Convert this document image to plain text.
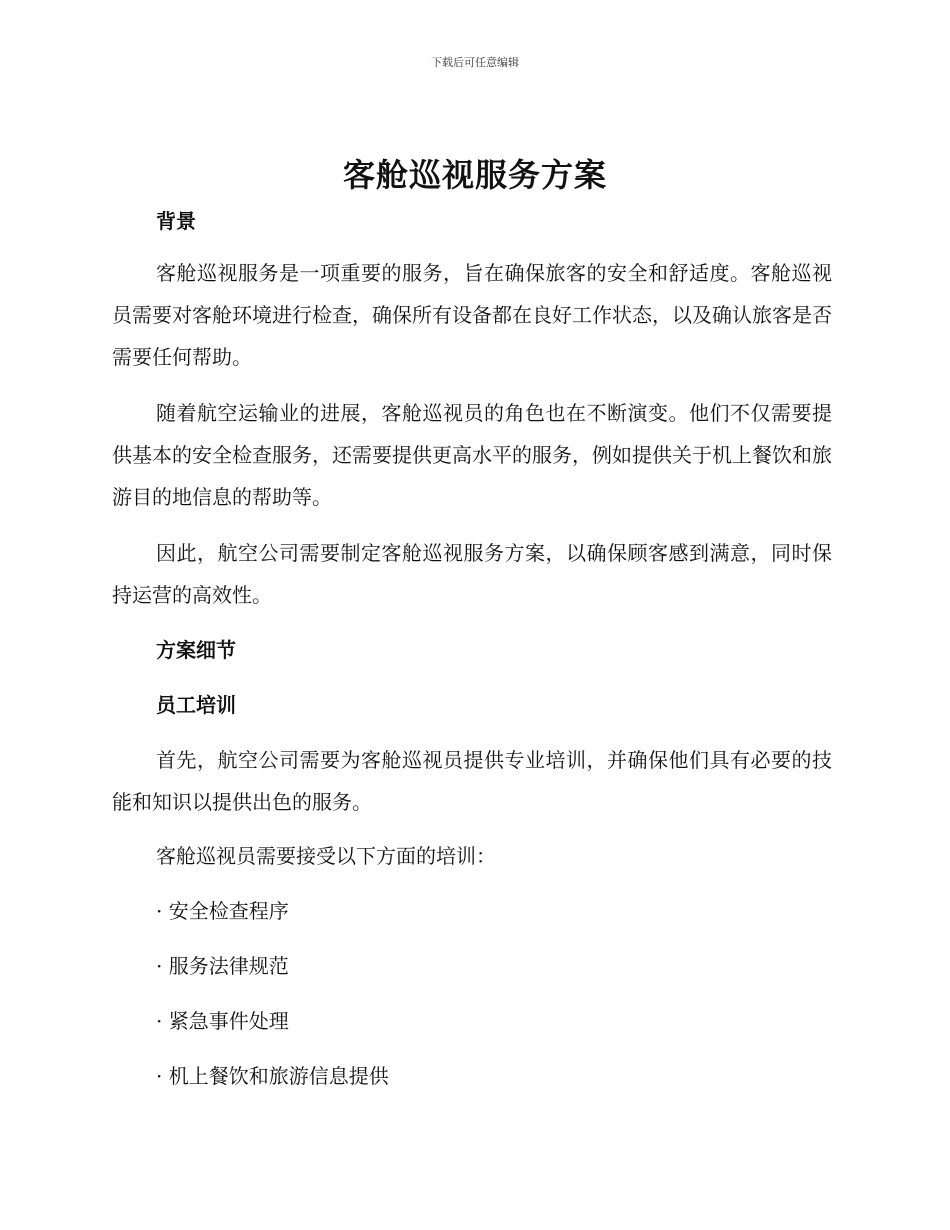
下载后可任意编辑
客舱巡视服务方案
背景

客舱巡视服务是一项重要的服务，旨在确保旅客的安全和舒适度。客舱巡视员需要对客舱环境进行检查，确保所有设备都在良好工作状态，以及确认旅客是否需要任何帮助。

随着航空运输业的进展，客舱巡视员的角色也在不断演变。他们不仅需要提供基本的安全检查服务，还需要提供更高水平的服务，例如提供关于机上餐饮和旅游目的地信息的帮助等。

因此，航空公司需要制定客舱巡视服务方案，以确保顾客感到满意，同时保持运营的高效性。

方案细节
员工培训

首先，航空公司需要为客舱巡视员提供专业培训，并确保他们具有必要的技能和知识以提供出色的服务。

客舱巡视员需要接受以下方面的培训：

· 安全检查程序
· 服务法律规范
· 紧急事件处理
· 机上餐饮和旅游信息提供
